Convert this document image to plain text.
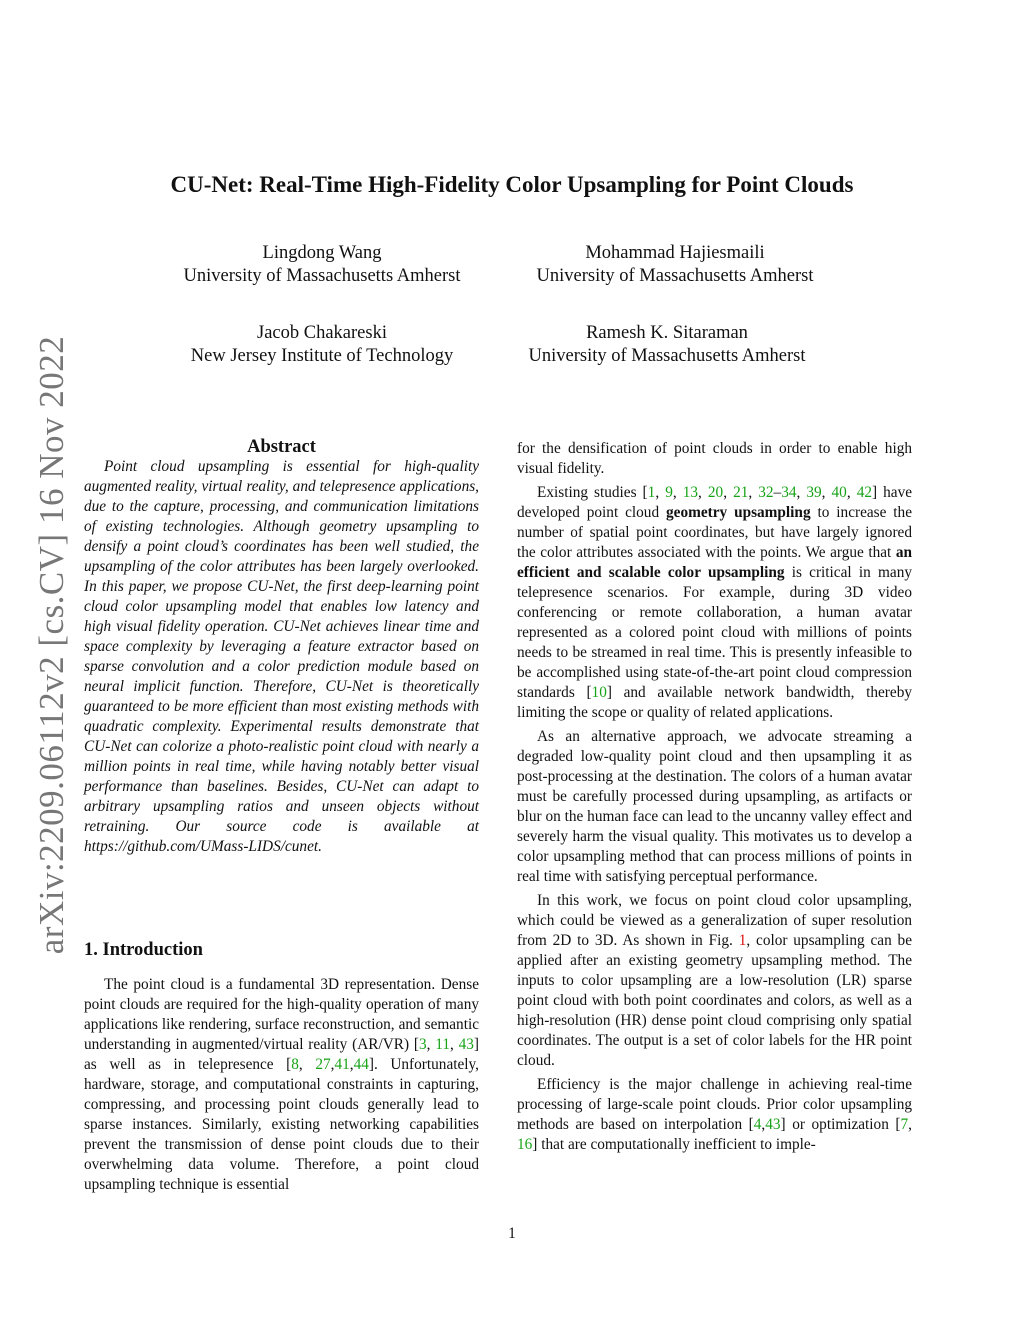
CU-Net: Real-Time High-Fidelity Color Upsampling for Point Clouds
Lingdong Wang
University of Massachusetts Amherst
Mohammad Hajiesmaili
University of Massachusetts Amherst
Jacob Chakareski
New Jersey Institute of Technology
Ramesh K. Sitaraman
University of Massachusetts Amherst
arXiv:2209.06112v2 [cs.CV] 16 Nov 2022	Abstract

Point cloud upsampling is essential for high-quality augmented reality, virtual reality, and telepresence applications, due to the capture, processing, and communication limitations of existing technologies. Although geometry upsampling to densify a point cloud’s coordinates has been well studied, the upsampling of the color attributes has been largely overlooked. In this paper, we propose CU-Net, the first deep-learning point cloud color upsampling model that enables low latency and high visual fidelity operation. CU-Net achieves linear time and space complexity by leveraging a feature extractor based on sparse convolution and a color prediction module based on neural implicit function. Therefore, CU-Net is theoretically guaranteed to be more efficient than most existing methods with quadratic complexity. Experimental results demonstrate that CU-Net can colorize a photo-realistic point cloud with nearly a million points in real time, while having notably better visual performance than baselines. Besides, CU-Net can adapt to arbitrary upsampling ratios and unseen objects without retraining. Our source code is available at https://github.com/UMass-LIDS/cunet.

1. Introduction

The point cloud is a fundamental 3D representation. Dense point clouds are required for the high-quality operation of many applications like rendering, surface reconstruction, and semantic understanding in augmented/virtual reality (AR/VR) [3, 11, 43] as well as in telepresence [8, 27,41,44]. Unfortunately, hardware, storage, and computational constraints in capturing, compressing, and processing point clouds generally lead to sparse instances. Similarly, existing networking capabilities prevent the transmission of dense point clouds due to their overwhelming data volume. Therefore, a point cloud upsampling technique is essential

for the densification of point clouds in order to enable high visual fidelity.

Existing studies [1, 9, 13, 20, 21, 32–34, 39, 40, 42] have developed point cloud geometry upsampling to increase the number of spatial point coordinates, but have largely ignored the color attributes associated with the points. We argue that an efficient and scalable color upsampling is critical in many telepresence scenarios. For example, during 3D video conferencing or remote collaboration, a human avatar represented as a colored point cloud with millions of points needs to be streamed in real time. This is presently infeasible to be accomplished using state-of-the-art point cloud compression standards [10] and available network bandwidth, thereby limiting the scope or quality of related applications.

As an alternative approach, we advocate streaming a degraded low-quality point cloud and then upsampling it as post-processing at the destination. The colors of a human avatar must be carefully processed during upsampling, as artifacts or blur on the human face can lead to the uncanny valley effect and severely harm the visual quality. This motivates us to develop a color upsampling method that can process millions of points in real time with satisfying perceptual performance.

In this work, we focus on point cloud color upsampling, which could be viewed as a generalization of super resolution from 2D to 3D. As shown in Fig. 1, color upsampling can be applied after an existing geometry upsampling method. The inputs to color upsampling are a low-resolution (LR) sparse point cloud with both point coordinates and colors, as well as a high-resolution (HR) dense point cloud comprising only spatial coordinates. The output is a set of color labels for the HR point cloud.

Efficiency is the major challenge in achieving real-time processing of large-scale point clouds. Prior color upsampling methods are based on interpolation [4,43] or optimization [7, 16] that are computationally inefficient to imple-

1
